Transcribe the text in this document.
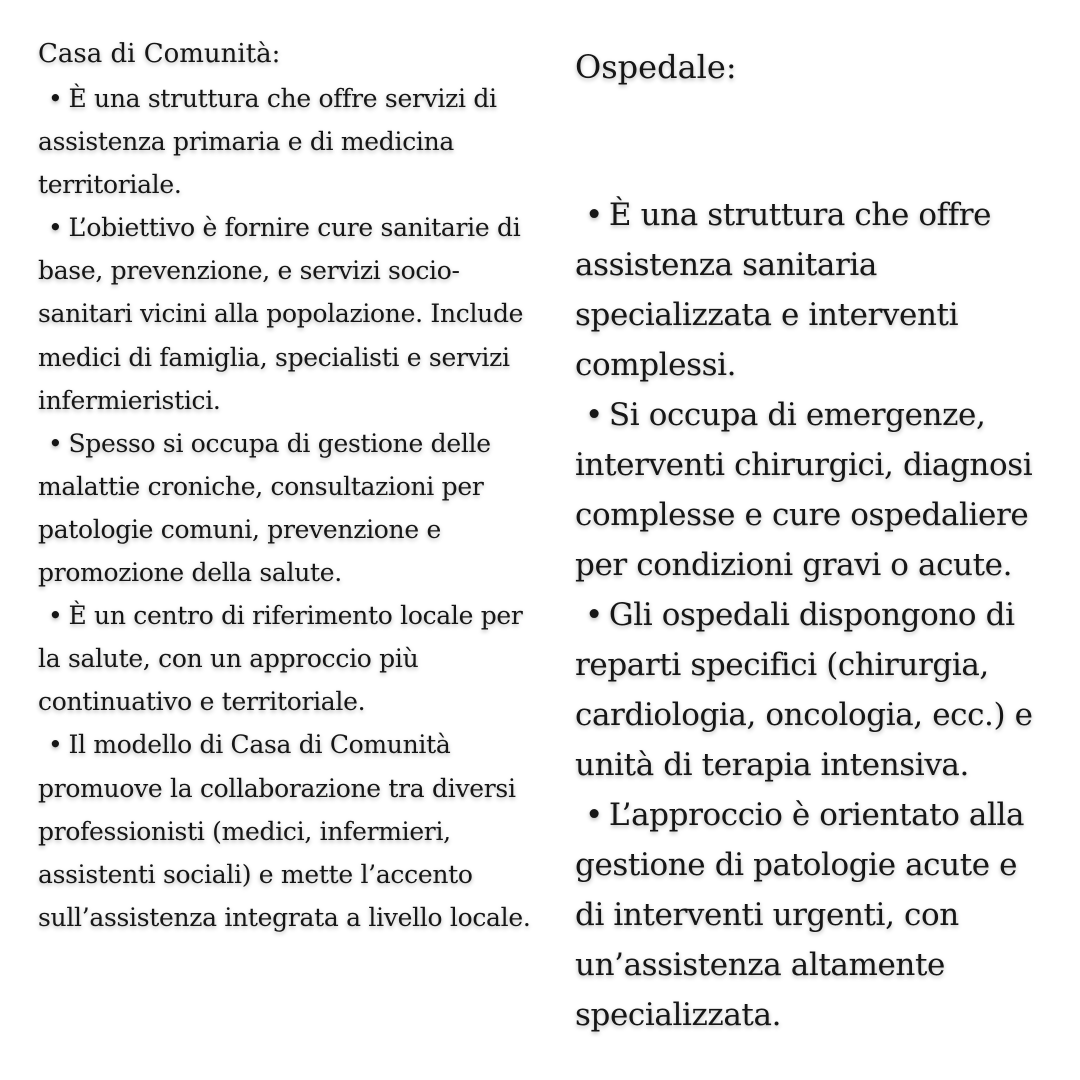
Casa di Comunità:

• È una struttura che offre servizi di assistenza primaria e di medicina territoriale.

• L’obiettivo è fornire cure sanitarie di base, prevenzione, e servizi socio-sanitari vicini alla popolazione. Include medici di famiglia, specialisti e servizi infermieristici.

• Spesso si occupa di gestione delle malattie croniche, consultazioni per patologie comuni, prevenzione e promozione della salute.

• È un centro di riferimento locale per la salute, con un approccio più continuativo e territoriale.

• Il modello di Casa di Comunità promuove la collaborazione tra diversi professionisti (medici, infermieri, assistenti sociali) e mette l’accento sull’assistenza integrata a livello locale.

Ospedale:

• È una struttura che offre assistenza sanitaria specializzata e interventi complessi.

• Si occupa di emergenze, interventi chirurgici, diagnosi complesse e cure ospedaliere per condizioni gravi o acute.

• Gli ospedali dispongono di reparti specifici (chirurgia, cardiologia, oncologia, ecc.) e unità di terapia intensiva.

• L’approccio è orientato alla gestione di patologie acute e di interventi urgenti, con un’assistenza altamente specializzata.
